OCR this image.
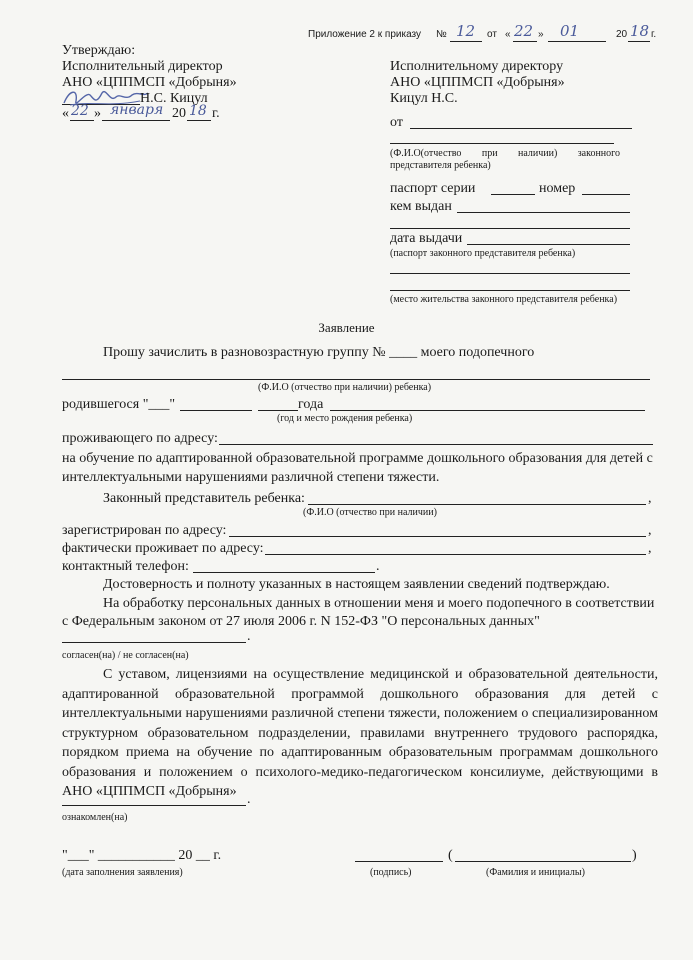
Приложение 2 к приказу № 12 от « 22 » 01	20 18 г.
Утверждаю:
Исполнительный директор
АНО «ЦППМСП «Добрыня»
Н.С. Кицул
« 22 » января 20 18 г.
Исполнительному директору
АНО «ЦППМСП «Добрыня»
Кицул Н.С.
от
(Ф.И.О(отчество при наличии) законного представителя ребенка)
паспорт серии	номер
кем выдан
дата выдачи
(паспорт законного представителя ребенка)
(место жительства законного представителя ребенка)
Заявление
Прошу зачислить в разновозрастную группу № ____ моего подопечного
(Ф.И.О (отчество при наличии) ребенка)
родившегося "___"	года
(год и место рождения ребенка)
проживающего по адресу:
на обучение по адаптированной образовательной программе дошкольного образования для детей с
интеллектуальными нарушениями различной степени тяжести.
Законный представитель ребенка:	,
(Ф.И.О (отчество при наличии)
зарегистрирован по адресу:	,
фактически проживает по адресу:	,
контактный телефон:	.
Достоверность и полноту указанных в настоящем заявлении сведений подтверждаю.
На обработку персональных данных в отношении меня и моего подопечного в соответствии
с Федеральным законом от 27 июля 2006 г. N 152-ФЗ "О персональных данных"
.
согласен(на) / не согласен(на)
С уставом, лицензиями на осуществление медицинской и образовательной деятельности, адаптированной образовательной программой дошкольного образования для детей с интеллектуальными нарушениями различной степени тяжести, положением о специализированном структурном образовательном подразделении, правилами внутреннего трудового распорядка, порядком приема на обучение по адаптированным образовательным программам дошкольного образования и положением о психолого-медико-педагогическом консилиуме, действующими в АНО «ЦППМСП «Добрыня»
.
ознакомлен(на)
"___" ___________ 20 __ г.
(дата заполнения заявления)
(	)
(подпись)	(Фамилия и инициалы)
